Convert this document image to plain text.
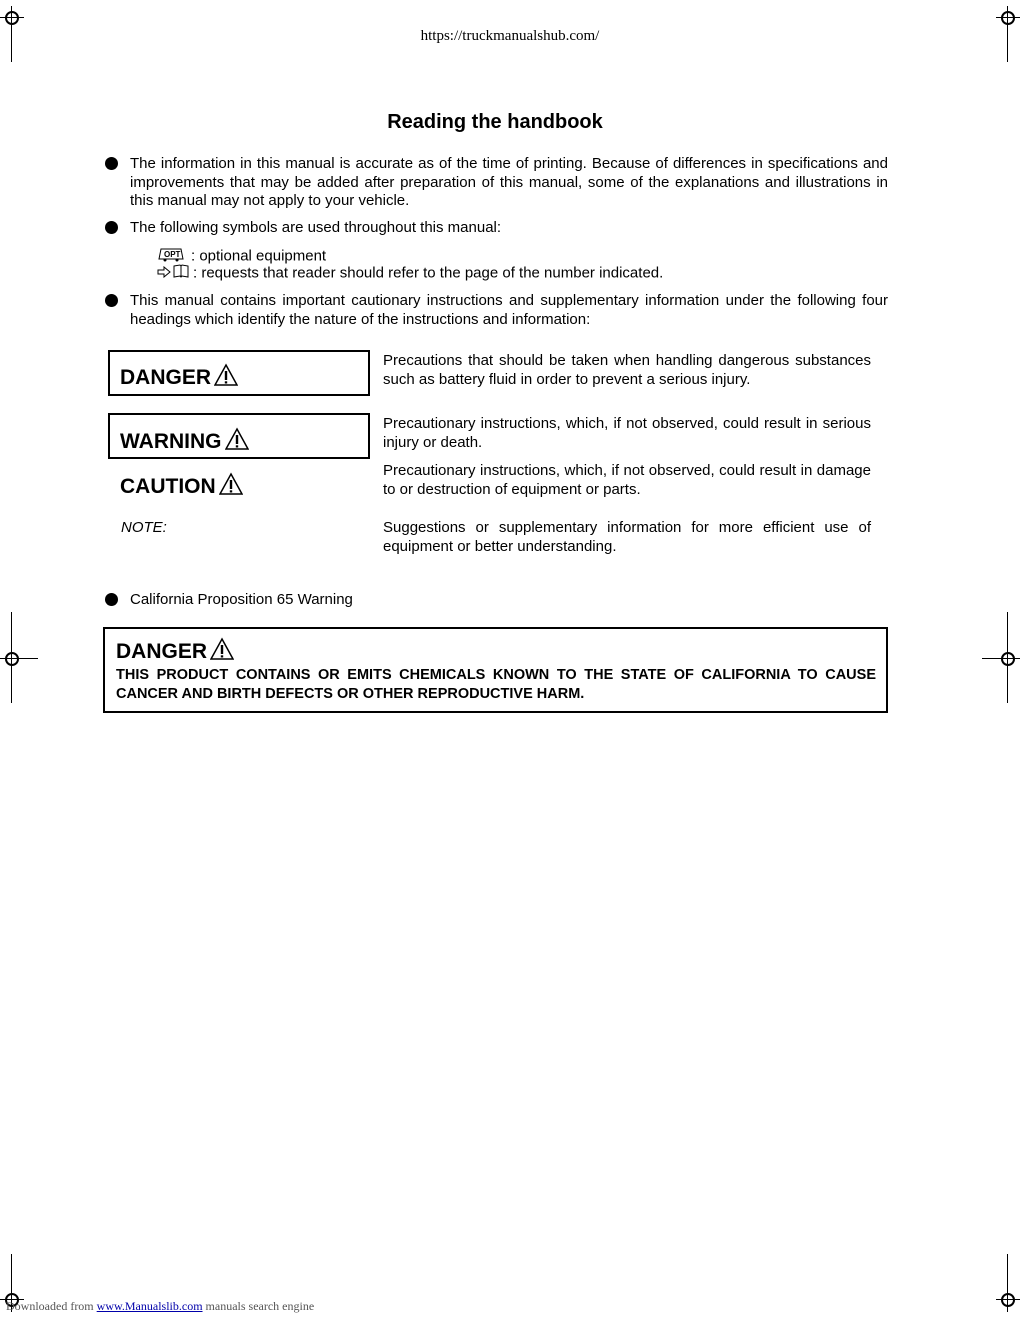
https://truckmanualshub.com/
Reading the handbook
The information in this manual is accurate as of the time of printing. Because of differences in specifications and improvements that may be added after preparation of this manual, some of the explanations and illustrations in this manual may not apply to your vehicle.
The following symbols are used throughout this manual:
OPT : optional equipment
: requests that reader should refer to the page of the number indicated.
This manual contains important cautionary instructions and supplementary information under the following four headings which identify the nature of the instructions and information:
DANGER
Precautions that should be taken when handling dangerous substances such as battery fluid in order to prevent a serious injury.
WARNING
Precautionary instructions, which, if not observed, could result in serious injury or death.
CAUTION
Precautionary instructions, which, if not observed, could result in damage to or destruction of equipment or parts.
NOTE:	Suggestions or supplementary information for more efficient use of equipment or better understanding.
California Proposition 65 Warning
DANGER
THIS PRODUCT CONTAINS OR EMITS CHEMICALS KNOWN TO THE STATE OF CALIFORNIA TO CAUSE CANCER AND BIRTH DEFECTS OR OTHER REPRODUCTIVE HARM.
Downloaded from www.Manualslib.com manuals search engine
